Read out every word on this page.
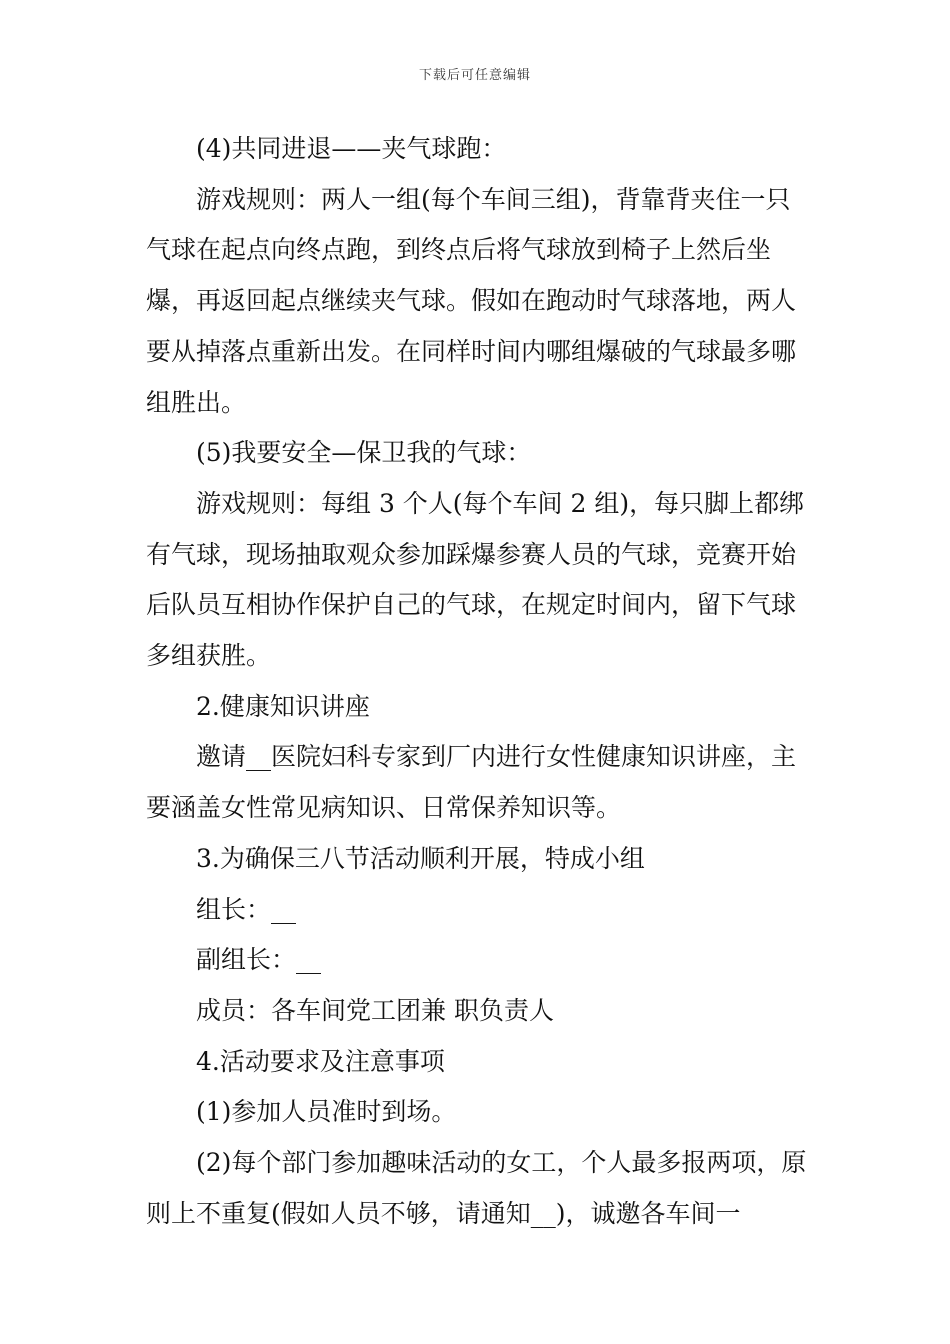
下载后可任意编辑

(4)共同进退——夹气球跑：

游戏规则：两人一组(每个车间三组)，背靠背夹住一只气球在起点向终点跑，到终点后将气球放到椅子上然后坐爆，再返回起点继续夹气球。假如在跑动时气球落地，两人要从掉落点重新出发。在同样时间内哪组爆破的气球最多哪组胜出。

(5)我要安全—保卫我的气球：

游戏规则：每组 3 个人(每个车间 2 组)，每只脚上都绑有气球，现场抽取观众参加踩爆参赛人员的气球，竞赛开始后队员互相协作保护自己的气球，在规定时间内，留下气球多组获胜。

2.健康知识讲座

邀请__医院妇科专家到厂内进行女性健康知识讲座，主要涵盖女性常见病知识、日常保养知识等。

3.为确保三八节活动顺利开展，特成小组

组长：__

副组长：__

成员：各车间党工团兼 职负责人

4.活动要求及注意事项

(1)参加人员准时到场。

(2)每个部门参加趣味活动的女工，个人最多报两项，原则上不重复(假如人员不够，请通知__)，诚邀各车间一
